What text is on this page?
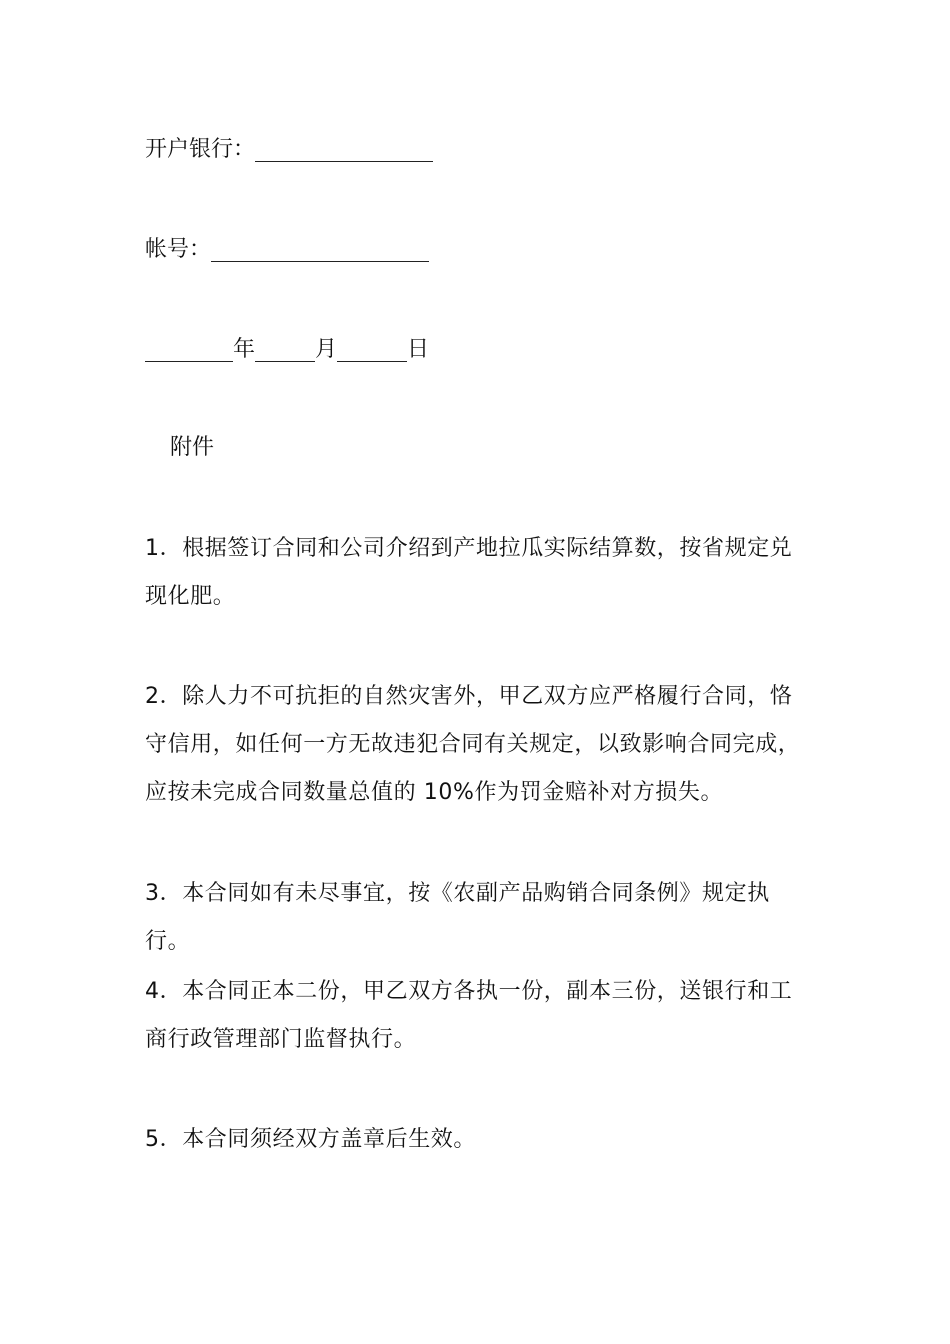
开户银行：
帐号：
年	月	日
附件
1．根据签订合同和公司介绍到产地拉瓜实际结算数，按省规定兑现化肥。
2．除人力不可抗拒的自然灾害外，甲乙双方应严格履行合同，恪守信用，如任何一方无故违犯合同有关规定，以致影响合同完成，应按未完成合同数量总值的 10%作为罚金赔补对方损失。
3．本合同如有未尽事宜，按《农副产品购销合同条例》规定执行。
4．本合同正本二份，甲乙双方各执一份，副本三份，送银行和工商行政管理部门监督执行。
5．本合同须经双方盖章后生效。
